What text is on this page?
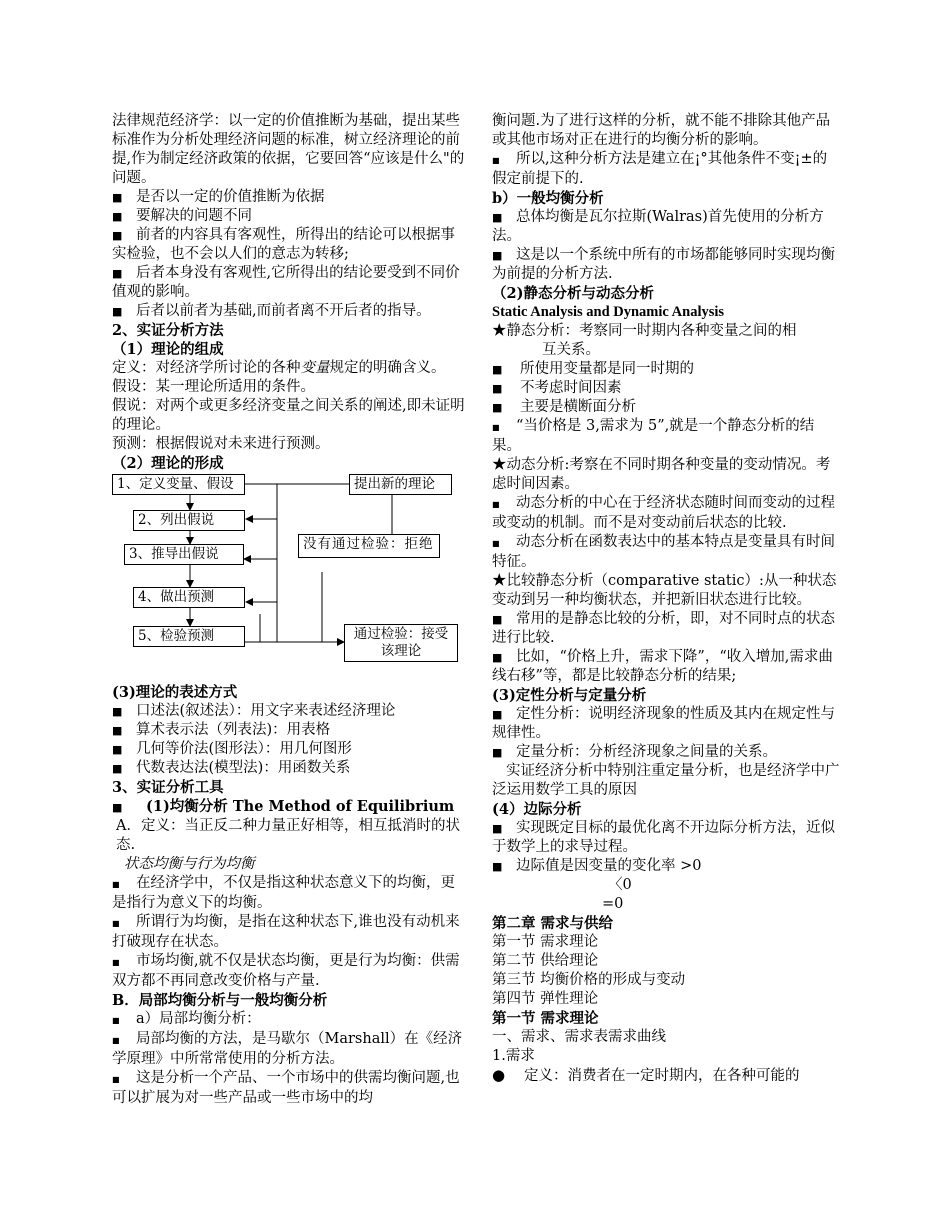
法律规范经济学：以一定的价值推断为基础，提出某些标准作为分析处理经济问题的标准，树立经济理论的前提,作为制定经济政策的依据，它要回答“应该是什么"的问题。

■ 是否以一定的价值推断为依据

■ 要解决的问题不同

■ 前者的内容具有客观性，所得出的结论可以根据事实检验，也不会以人们的意志为转移;

■ 后者本身没有客观性,它所得出的结论要受到不同价值观的影响。

■ 后者以前者为基础,而前者离不开后者的指导。

2、实证分析方法

（1）理论的组成

定义：对经济学所讨论的各种变量规定的明确含义。

假设：某一理论所适用的条件。

假说：对两个或更多经济变量之间关系的阐述,即未证明的理论。

预测：根据假说对未来进行预测。

（2）理论的形成

1、定义变量、假设
2、列出假说
3、推导出假说
4、做出预测
5、检验预测
提出新的理论
没有通过检验：拒绝
通过检验：接受该理论

(3)理论的表述方式

■ 口述法(叙述法）：用文字来表述经济理论

■ 算术表示法（列表法)：用表格

■ 几何等价法(图形法）：用几何图形

■ 代数表达法(模型法)：用函数关系

3、实证分析工具

■ (1)均衡分析 The Method of Equilibrium

A．定义：当正反二种力量正好相等，相互抵消时的状态.

状态均衡与行为均衡

■ 在经济学中，不仅是指这种状态意义下的均衡，更是指行为意义下的均衡。

■ 所谓行为均衡，是指在这种状态下,谁也没有动机来打破现存在状态。

■ 市场均衡,就不仅是状态均衡，更是行为均衡：供需双方都不再同意改变价格与产量.

B．局部均衡分析与一般均衡分析

■ a）局部均衡分析：

■ 局部均衡的方法，是马歇尔（Marshall）在《经济学原理》中所常常使用的分析方法。

■ 这是分析一个产品、一个市场中的供需均衡问题,也可以扩展为对一些产品或一些市场中的均

衡问题.为了进行这样的分析，就不能不排除其他产品或其他市场对正在进行的均衡分析的影响。

■ 所以,这种分析方法是建立在¡°其他条件不变¡±的假定前提下的.

b）一般均衡分析

■ 总体均衡是瓦尔拉斯(Walras)首先使用的分析方法。

■ 这是以一个系统中所有的市场都能够同时实现均衡为前提的分析方法.

（2)静态分析与动态分析

Static Analysis and Dynamic Analysis

★静态分析：考察同一时期内各种变量之间的相

互关系。

■ 所使用变量都是同一时期的

■ 不考虑时间因素

■ 主要是横断面分析

■ “当价格是 3,需求为 5”,就是一个静态分析的结果。

★动态分析:考察在不同时期各种变量的变动情况。考虑时间因素。

■ 动态分析的中心在于经济状态随时间而变动的过程或变动的机制。而不是对变动前后状态的比较.

■ 动态分析在函数表达中的基本特点是变量具有时间特征。

★比较静态分析（comparative static）:从一种状态变动到另一种均衡状态，并把新旧状态进行比较。

■ 常用的是静态比较的分析，即，对不同时点的状态进行比较.

■ 比如，“价格上升，需求下降”，“收入增加,需求曲线右移”等，都是比较静态分析的结果;

(3)定性分析与定量分析

■ 定性分析：说明经济现象的性质及其内在规定性与规律性。

■ 定量分析：分析经济现象之间量的关系。

实证经济分析中特别注重定量分析，也是经济学中广泛运用数学工具的原因

(4）边际分析

■ 实现既定目标的最优化离不开边际分析方法，近似于数学上的求导过程。

■ 边际值是因变量的变化率 >0

〈0

=0

第二章 需求与供给

第一节 需求理论

第二节 供给理论

第三节 均衡价格的形成与变动

第四节 弹性理论

第一节 需求理论

一、需求、需求表需求曲线

1.需求

● 定义：消费者在一定时期内，在各种可能的
